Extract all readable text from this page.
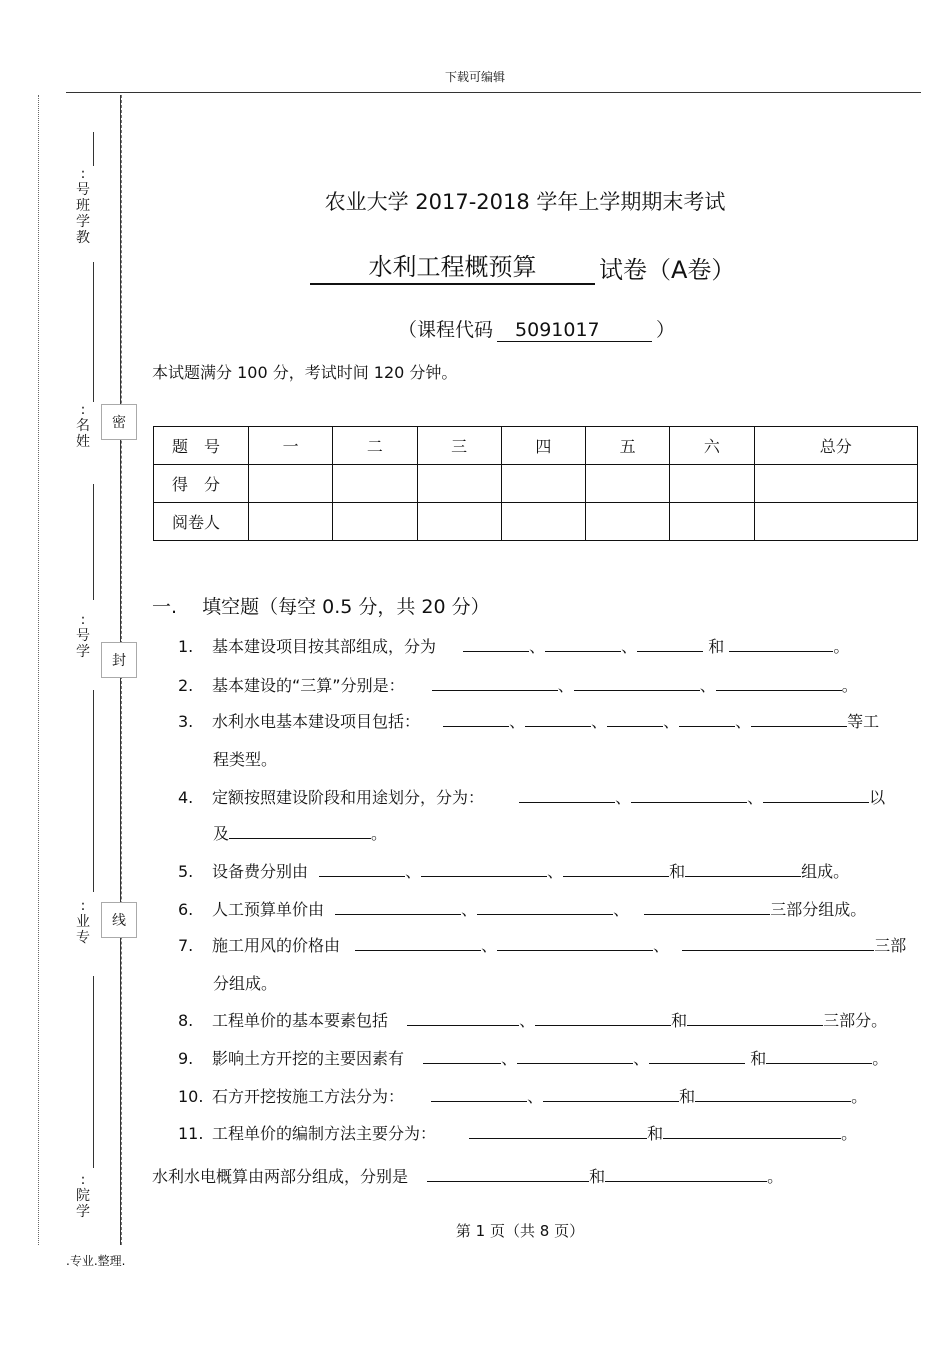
下载可编辑
: 号班学教
: 名姓
: 号学
: 业专
: 院学
密
封
线
.专业.整理.
农业大学 2017-2018 学年上学期期末考试
水利工程概预算	试卷（A卷）
（课程代码	5091017	）
本试题满分 100 分，考试时间 120 分钟。
题　号	一	二	三	四	五	六	总分
得　分							
阅卷人							
一.　 填空题（每空 0.5 分，共 20 分）
1. 基本建设项目按其部组成，分为	、	、	和	。
2. 基本建设的“三算”分别是：	、	、	。
3. 水利水电基本建设项目包括：	、	、	、	、	等工
程类型。
4. 定额按照建设阶段和用途划分，分为：	、	、	以
及	。
5. 设备费分别由	、	、	和	组成。
6. 人工预算单价由	、	、	三部分组成。
7. 施工用风的价格由	、	、	三部
分组成。
8. 工程单价的基本要素包括	、	和	三部分。
9. 影响土方开挖的主要因素有	、	、	和	。
10. 石方开挖按施工方法分为：	、	和	。
11. 工程单价的编制方法主要分为：	和	。
水利水电概算由两部分组成，分别是	和	。
第 1 页（共 8 页）
